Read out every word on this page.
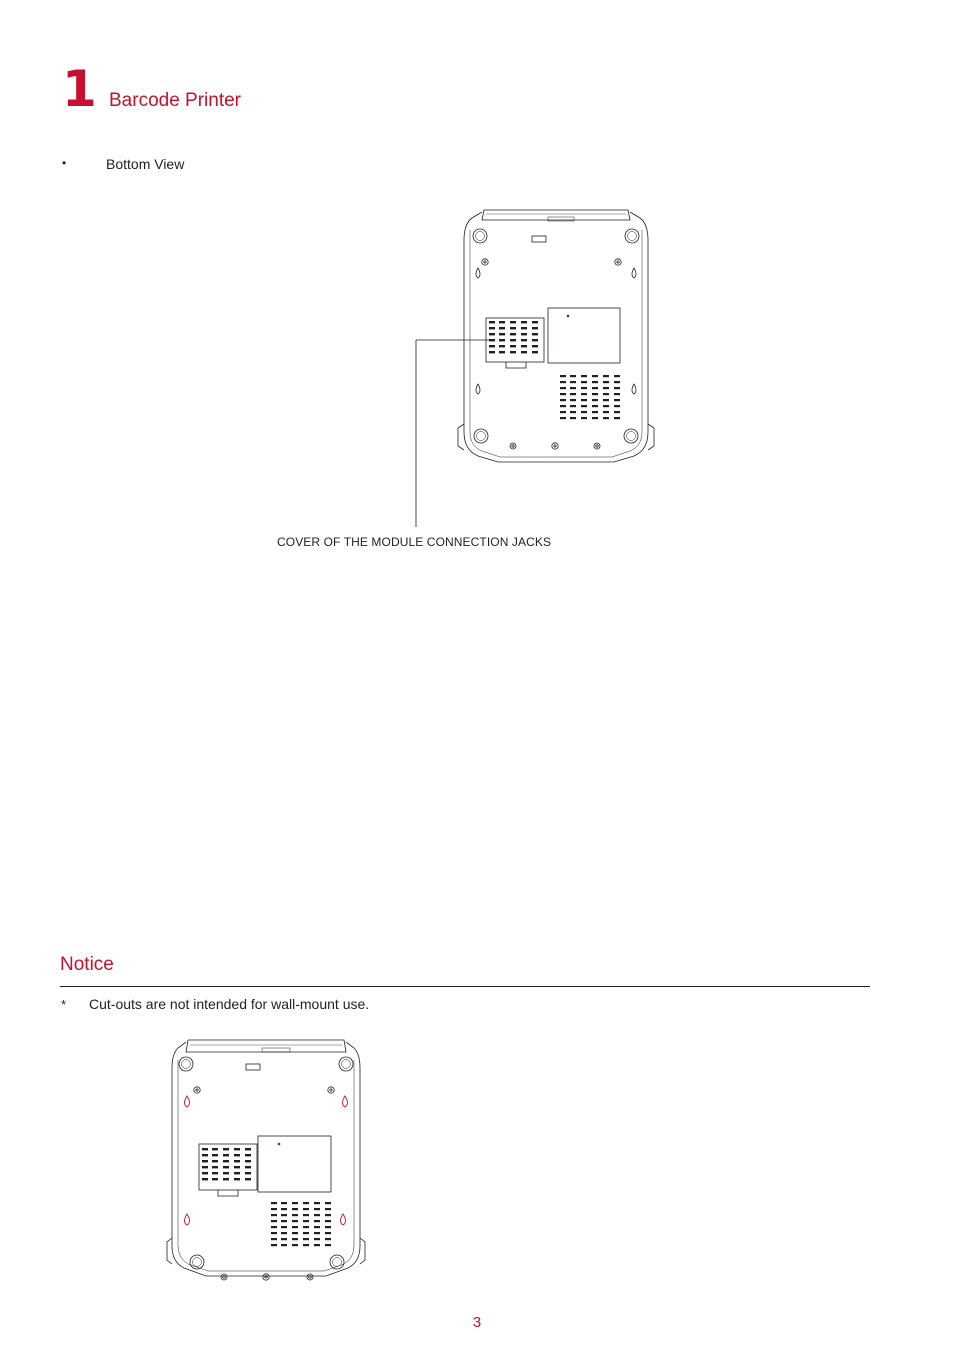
1 Barcode Printer
•	Bottom View
COVER OF THE MODULE CONNECTION JACKS
Notice
* Cut-outs are not intended for wall-mount use.
3
